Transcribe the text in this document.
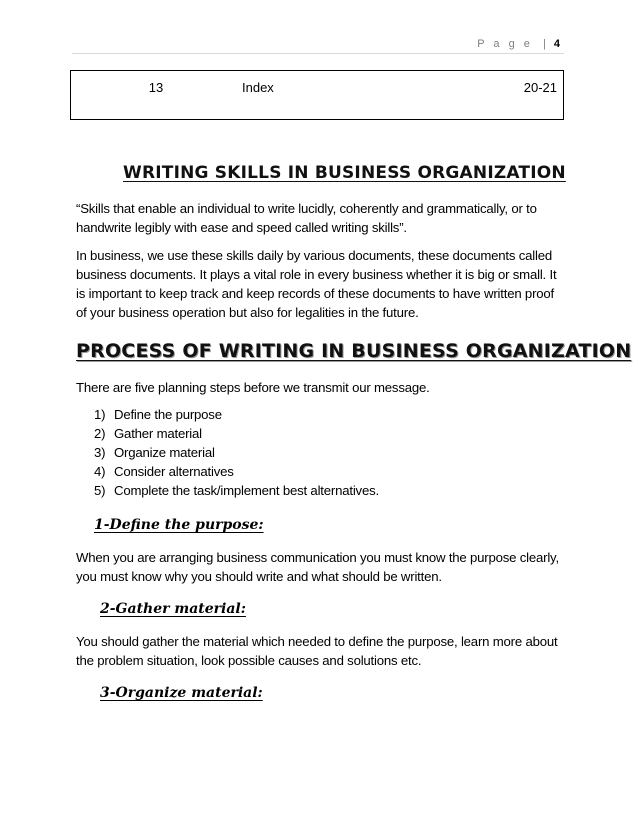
P a g e | 4
13	Index	20-21
WRITING SKILLS IN BUSINESS ORGANIZATION
“Skills that enable an individual to write lucidly, coherently and grammatically, or to handwrite legibly with ease and speed called writing skills”.
In business, we use these skills daily by various documents, these documents called business documents. It plays a vital role in every business whether it is big or small. It is important to keep track and keep records of these documents to have written proof of your business operation but also for legalities in the future.
PROCESS OF WRITING IN BUSINESS ORGANIZATION
There are five planning steps before we transmit our message.
1) Define the purpose
2) Gather material
3) Organize material
4) Consider alternatives
5) Complete the task/implement best alternatives.
1-Define the purpose:
When you are arranging business communication you must know the purpose clearly, you must know why you should write and what should be written.
2-Gather material:
You should gather the material which needed to define the purpose, learn more about the problem situation, look possible causes and solutions etc.
3-Organize material:
